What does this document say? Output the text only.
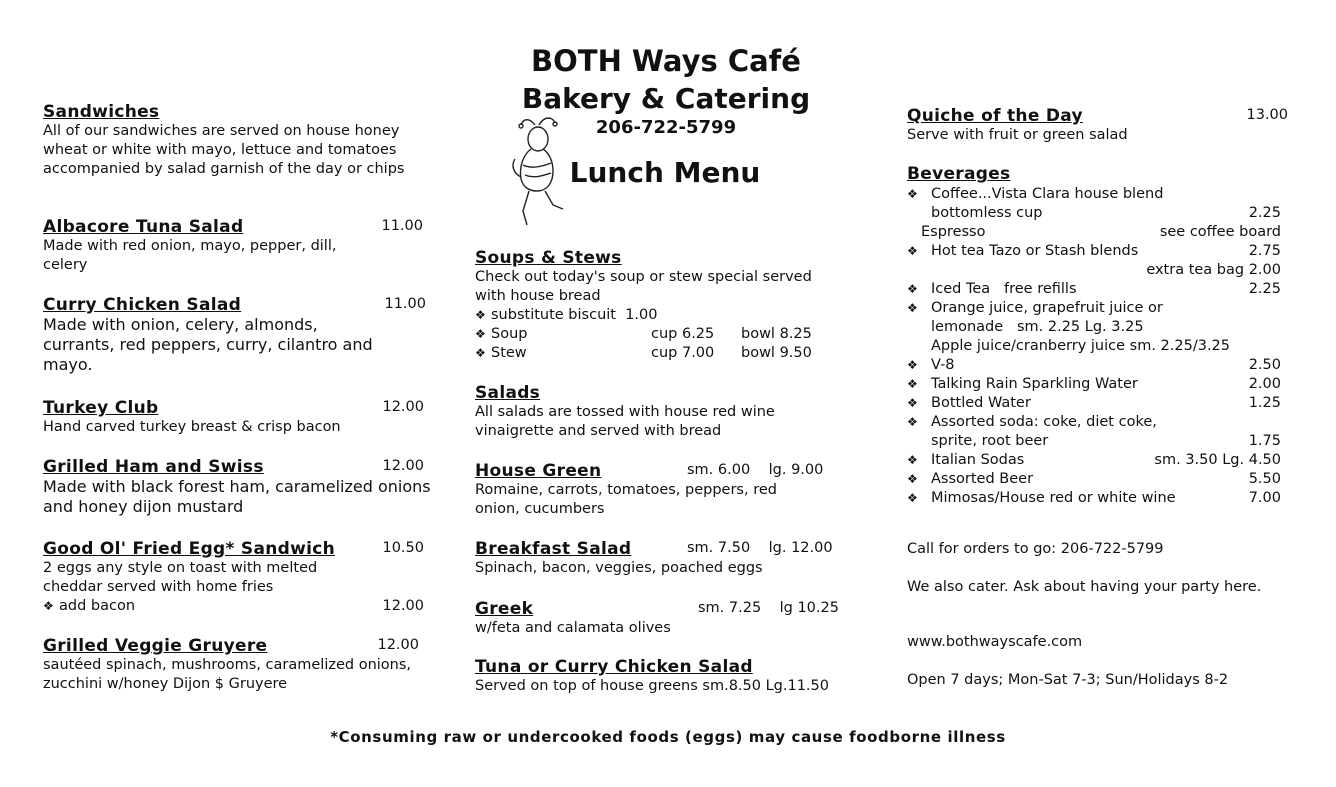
BOTH Ways Café
Bakery & Catering
206-722-5799
Lunch Menu
Sandwiches
All of our sandwiches are served on house honey wheat or white with mayo, lettuce and tomatoes accompanied by salad garnish of the day or chips
Albacore Tuna Salad	11.00
Made with red onion, mayo, pepper, dill, celery
Curry Chicken Salad	11.00
Made with onion, celery, almonds, currants, red peppers, curry, cilantro and mayo.
Turkey Club	12.00
Hand carved turkey breast & crisp bacon
Grilled Ham and Swiss	12.00
Made with black forest ham, caramelized onions and honey dijon mustard
Good Ol' Fried Egg* Sandwich	10.50
2 eggs any style on toast with melted cheddar served with home fries
❖ add bacon	12.00
Grilled Veggie Gruyere	12.00
sautéed spinach, mushrooms, caramelized onions, zucchini w/honey Dijon $ Gruyere
Soups & Stews
Check out today's soup or stew special served with house bread
❖ substitute biscuit 1.00
❖ Soup	cup 6.25	bowl 8.25
❖ Stew	cup 7.00	bowl 9.50
Salads
All salads are tossed with house red wine vinaigrette and served with bread
House Green	sm. 6.00    lg. 9.00
Romaine, carrots, tomatoes, peppers, red onion, cucumbers
Breakfast Salad	sm. 7.50    lg. 12.00
Spinach, bacon, veggies, poached eggs
Greek	sm. 7.25    lg 10.25
w/feta and calamata olives
Tuna or Curry Chicken Salad
Served on top of house greens sm.8.50 Lg.11.50
Quiche of the Day	13.00
Serve with fruit or green salad
Beverages
❖ Coffee...Vista Clara house blend
bottomless cup	2.25
Espresso	see coffee board
❖ Hot tea Tazo or Stash blends	2.75
extra tea bag 2.00
❖ Iced Tea   free refills	2.25
❖ Orange juice, grapefruit juice or
lemonade   sm. 2.25 Lg. 3.25
Apple juice/cranberry juice sm. 2.25/3.25
❖ V-8	2.50
❖ Talking Rain Sparkling Water	2.00
❖ Bottled Water	1.25
❖ Assorted soda: coke, diet coke,
sprite, root beer	1.75
❖ Italian Sodas	sm. 3.50 Lg. 4.50
❖ Assorted Beer	5.50
❖ Mimosas/House red or white wine	7.00
Call for orders to go: 206-722-5799
We also cater. Ask about having your party here.
www.bothwayscafe.com
Open 7 days; Mon-Sat 7-3; Sun/Holidays 8-2
*Consuming raw or undercooked foods (eggs) may cause foodborne illness
